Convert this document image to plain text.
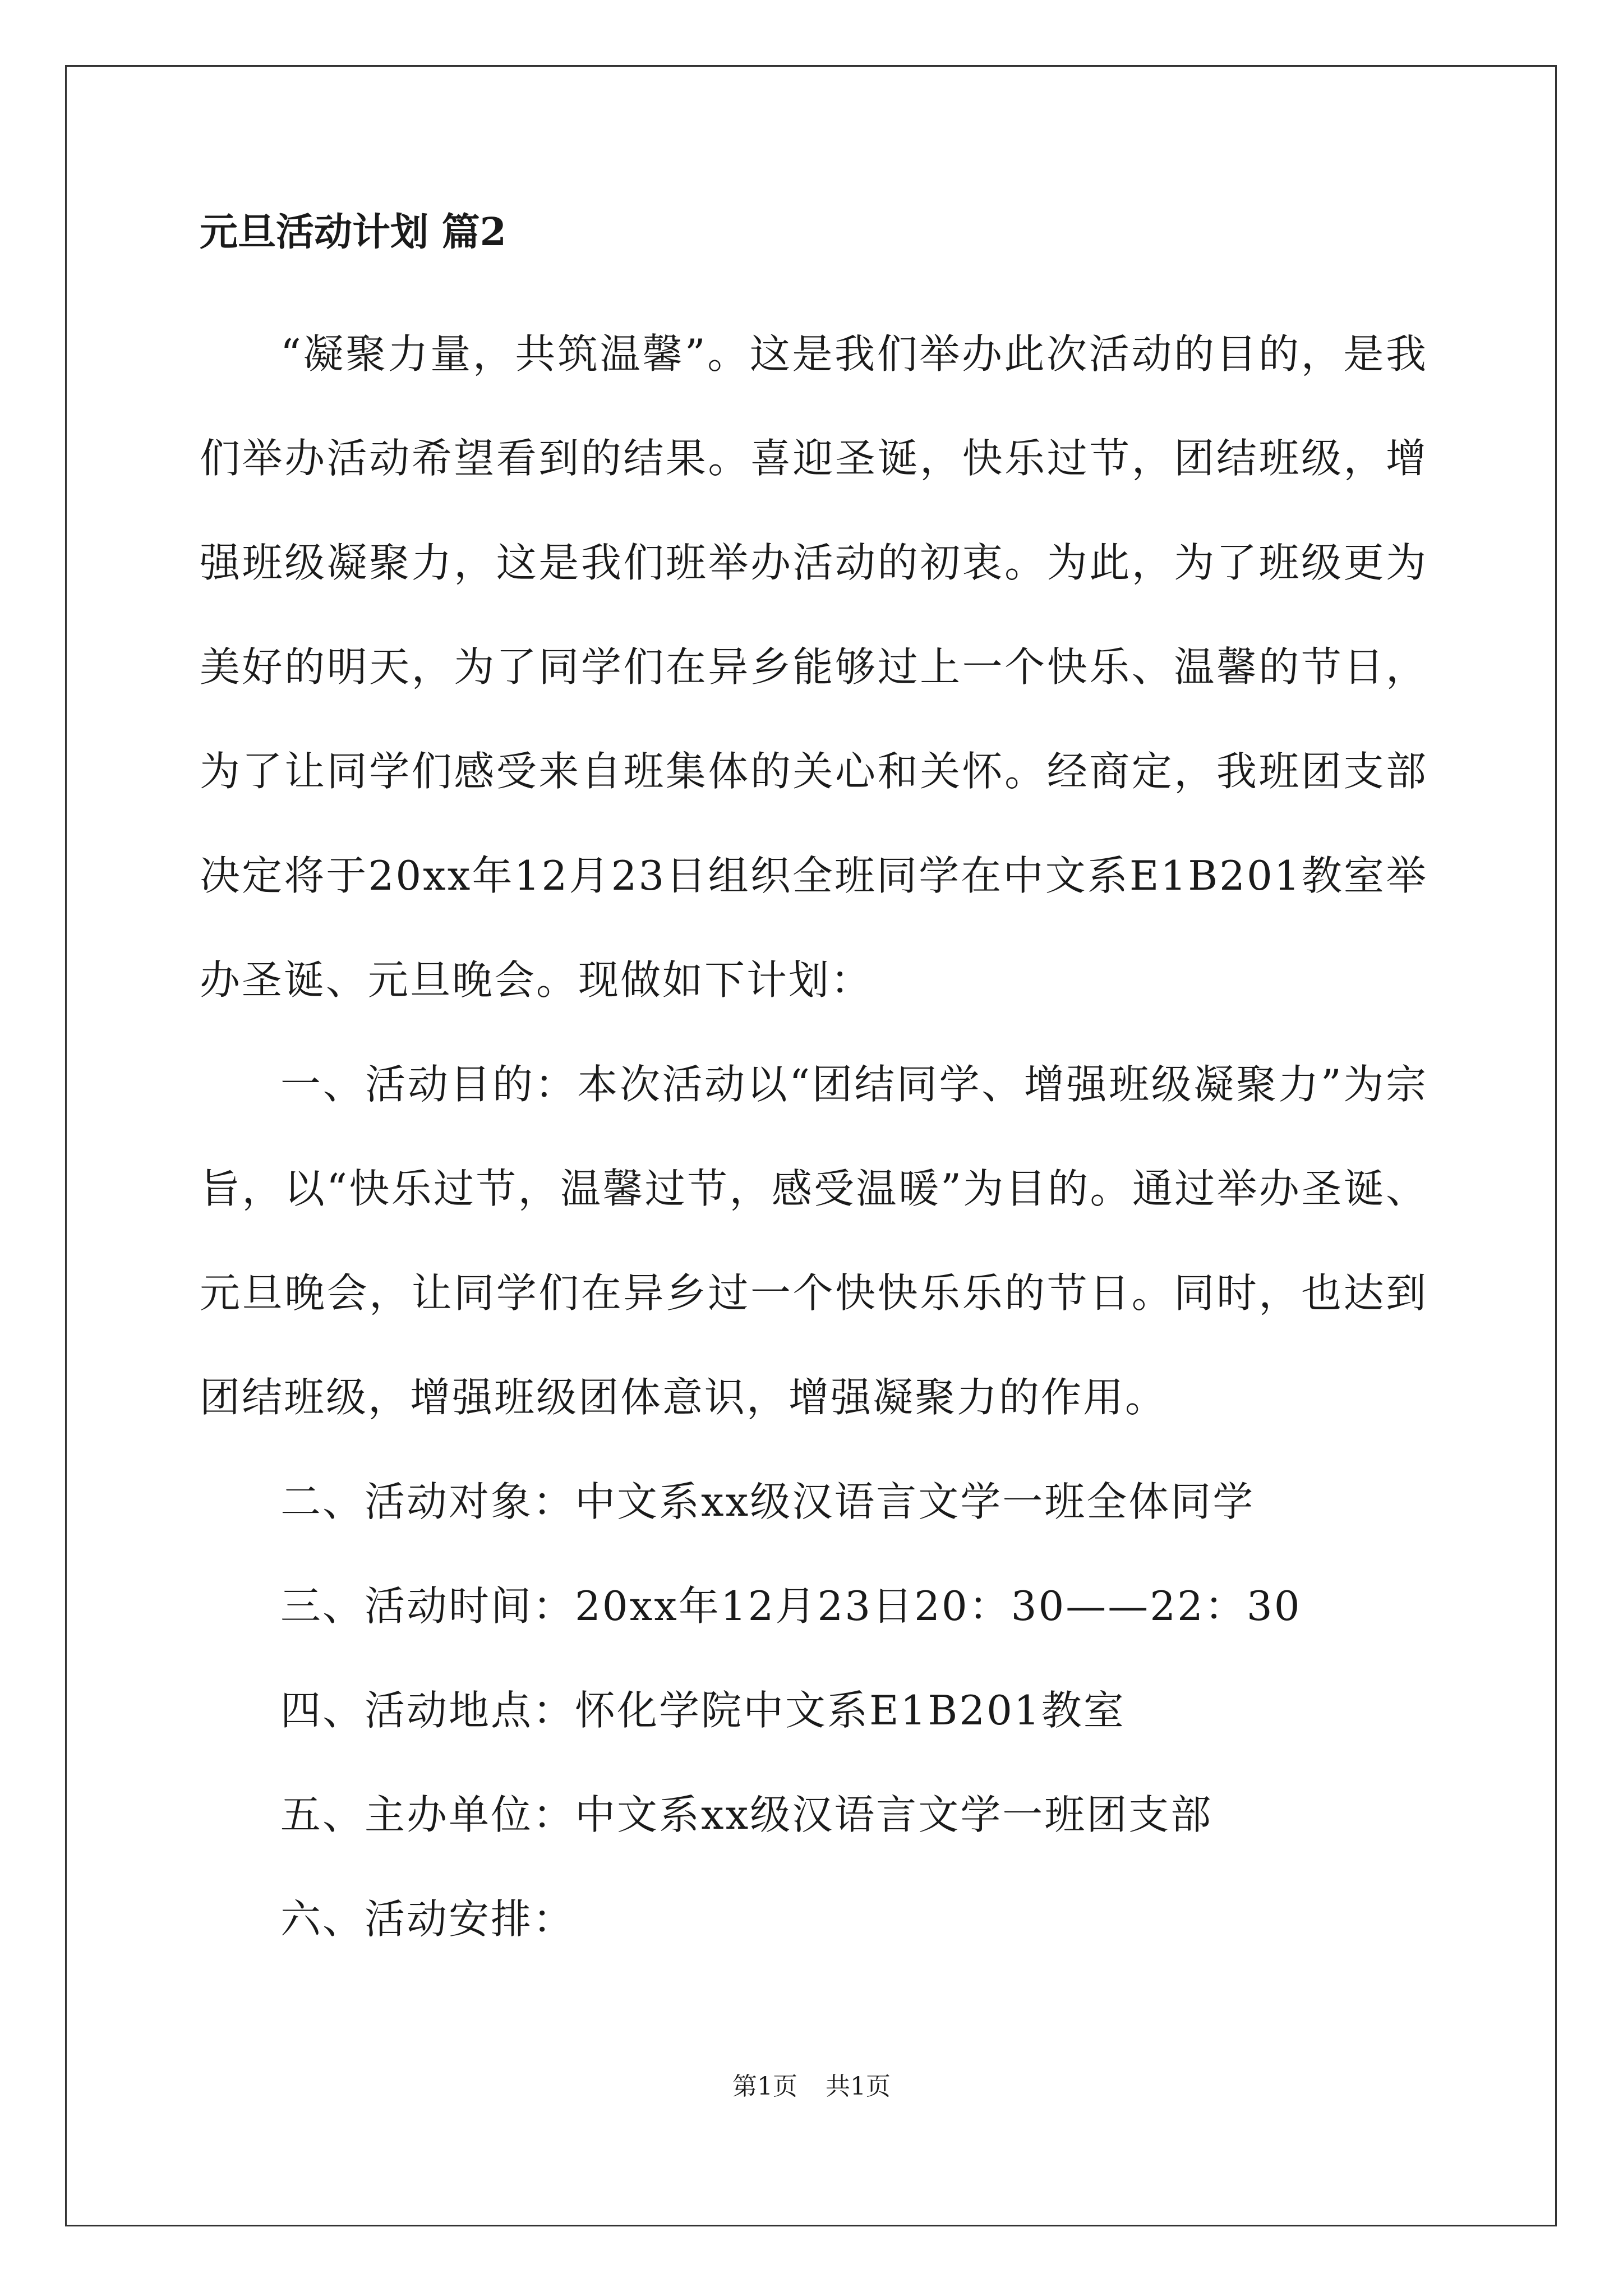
元旦活动计划 篇2

“凝聚力量，共筑温馨”。这是我们举办此次活动的目的，是我们举办活动希望看到的结果。喜迎圣诞，快乐过节，团结班级，增强班级凝聚力，这是我们班举办活动的初衷。为此，为了班级更为美好的明天，为了同学们在异乡能够过上一个快乐、温馨的节日，为了让同学们感受来自班集体的关心和关怀。经商定，我班团支部决定将于20xx年12月23日组织全班同学在中文系E1B201教室举办圣诞、元旦晚会。现做如下计划：

一、活动目的：本次活动以“团结同学、增强班级凝聚力”为宗旨，以“快乐过节，温馨过节，感受温暖”为目的。通过举办圣诞、元旦晚会，让同学们在异乡过一个快快乐乐的节日。同时，也达到团结班级，增强班级团体意识，增强凝聚力的作用。

二、活动对象：中文系xx级汉语言文学一班全体同学

三、活动时间：20xx年12月23日20：30——22：30

四、活动地点：怀化学院中文系E1B201教室

五、主办单位：中文系xx级汉语言文学一班团支部

六、活动安排：

第1页 共1页
